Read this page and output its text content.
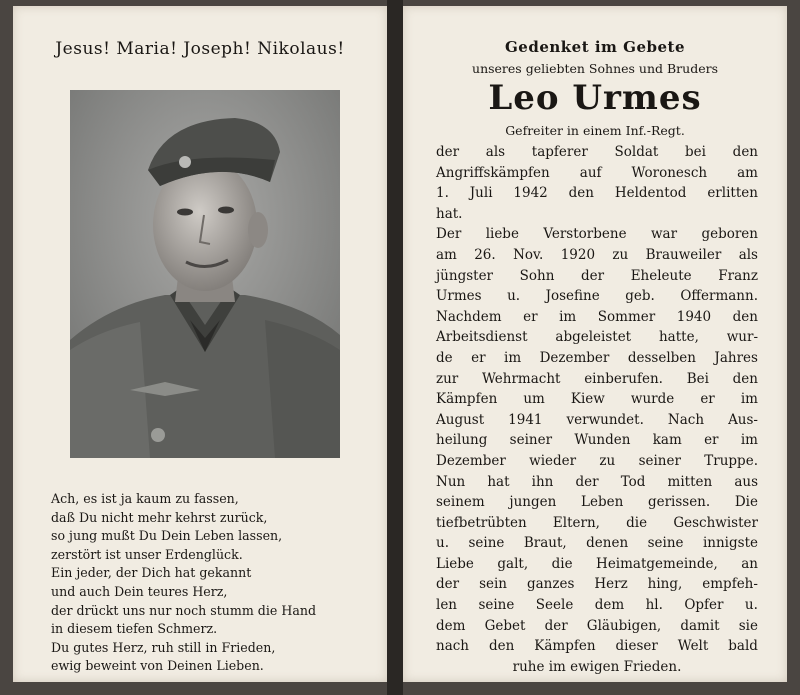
Jesus! Maria! Joseph! Nikolaus!
Ach, es ist ja kaum zu fassen,
daß Du nicht mehr kehrst zurück,
so jung mußt Du Dein Leben lassen,
zerstört ist unser Erdenglück.
Ein jeder, der Dich hat gekannt
und auch Dein teures Herz,
der drückt uns nur noch stumm die Hand
in diesem tiefen Schmerz.
Du gutes Herz, ruh still in Frieden,
ewig beweint von Deinen Lieben.
Gedenket im Gebete
unseres geliebten Sohnes und Bruders
Leo Urmes
Gefreiter in einem Inf.-Regt.
der als tapferer Soldat bei den
Angriffskämpfen auf Woronesch am
1. Juli 1942 den Heldentod erlitten
hat.
Der liebe Verstorbene war geboren
am 26. Nov. 1920 zu Brauweiler als
jüngster Sohn der Eheleute Franz
Urmes u. Josefine geb. Offermann.
Nachdem er im Sommer 1940 den
Arbeitsdienst abgeleistet hatte, wur-
de er im Dezember desselben Jahres
zur Wehrmacht einberufen. Bei den
Kämpfen um Kiew wurde er im
August 1941 verwundet. Nach Aus-
heilung seiner Wunden kam er im
Dezember wieder zu seiner Truppe.
Nun hat ihn der Tod mitten aus
seinem jungen Leben gerissen. Die
tiefbetrübten Eltern, die Geschwister
u. seine Braut, denen seine innigste
Liebe galt, die Heimatgemeinde, an
der sein ganzes Herz hing, empfeh-
len seine Seele dem hl. Opfer u.
dem Gebet der Gläubigen, damit sie
nach den Kämpfen dieser Welt bald
ruhe im ewigen Frieden.
